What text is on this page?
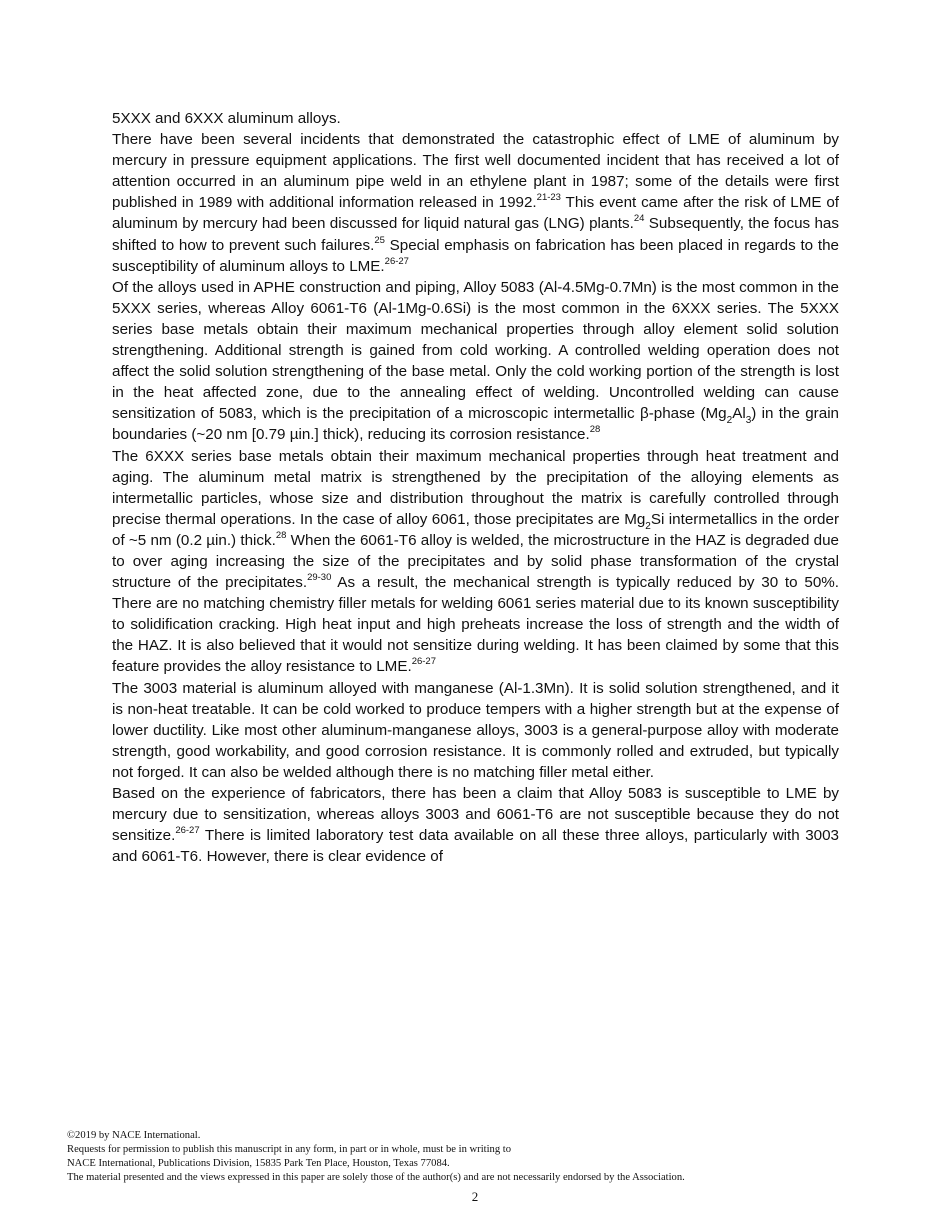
5XXX and 6XXX aluminum alloys.

There have been several incidents that demonstrated the catastrophic effect of LME of aluminum by mercury in pressure equipment applications. The first well documented incident that has received a lot of attention occurred in an aluminum pipe weld in an ethylene plant in 1987; some of the details were first published in 1989 with additional information released in 1992.$^{21-23}$ This event came after the risk of LME of aluminum by mercury had been discussed for liquid natural gas (LNG) plants.$^{24}$ Subsequently, the focus has shifted to how to prevent such failures.$^{25}$ Special emphasis on fabrication has been placed in regards to the susceptibility of aluminum alloys to LME.$^{26-27}$

Of the alloys used in APHE construction and piping, Alloy 5083 (Al-4.5Mg-0.7Mn) is the most common in the 5XXX series, whereas Alloy 6061-T6 (Al-1Mg-0.6Si) is the most common in the 6XXX series. The 5XXX series base metals obtain their maximum mechanical properties through alloy element solid solution strengthening. Additional strength is gained from cold working. A controlled welding operation does not affect the solid solution strengthening of the base metal. Only the cold working portion of the strength is lost in the heat affected zone, due to the annealing effect of welding. Uncontrolled welding can cause sensitization of 5083, which is the precipitation of a microscopic intermetallic β-phase $(Mg_2Al_3)$ in the grain boundaries (~20 nm [0.79 µin.] thick), reducing its corrosion resistance.$^{28}$

The 6XXX series base metals obtain their maximum mechanical properties through heat treatment and aging. The aluminum metal matrix is strengthened by the precipitation of the alloying elements as intermetallic particles, whose size and distribution throughout the matrix is carefully controlled through precise thermal operations. In the case of alloy 6061, those precipitates are $Mg_2Si$ intermetallics in the order of ~5 nm (0.2 µin.) thick.$^{28}$ When the 6061-T6 alloy is welded, the microstructure in the HAZ is degraded due to over aging increasing the size of the precipitates and by solid phase transformation of the crystal structure of the precipitates.$^{29-30}$ As a result, the mechanical strength is typically reduced by 30 to 50%. There are no matching chemistry filler metals for welding 6061 series material due to its known susceptibility to solidification cracking. High heat input and high preheats increase the loss of strength and the width of the HAZ. It is also believed that it would not sensitize during welding. It has been claimed by some that this feature provides the alloy resistance to LME.$^{26-27}$

The 3003 material is aluminum alloyed with manganese (Al-1.3Mn). It is solid solution strengthened, and it is non-heat treatable. It can be cold worked to produce tempers with a higher strength but at the expense of lower ductility. Like most other aluminum-manganese alloys, 3003 is a general-purpose alloy with moderate strength, good workability, and good corrosion resistance. It is commonly rolled and extruded, but typically not forged. It can also be welded although there is no matching filler metal either.

Based on the experience of fabricators, there has been a claim that Alloy 5083 is susceptible to LME by mercury due to sensitization, whereas alloys 3003 and 6061-T6 are not susceptible because they do not sensitize.$^{26-27}$ There is limited laboratory test data available on all these three alloys, particularly with 3003 and 6061-T6. However, there is clear evidence of

©2019 by NACE International.
Requests for permission to publish this manuscript in any form, in part or in whole, must be in writing to
NACE International, Publications Division, 15835 Park Ten Place, Houston, Texas 77084.
The material presented and the views expressed in this paper are solely those of the author(s) and are not necessarily endorsed by the Association.
2
